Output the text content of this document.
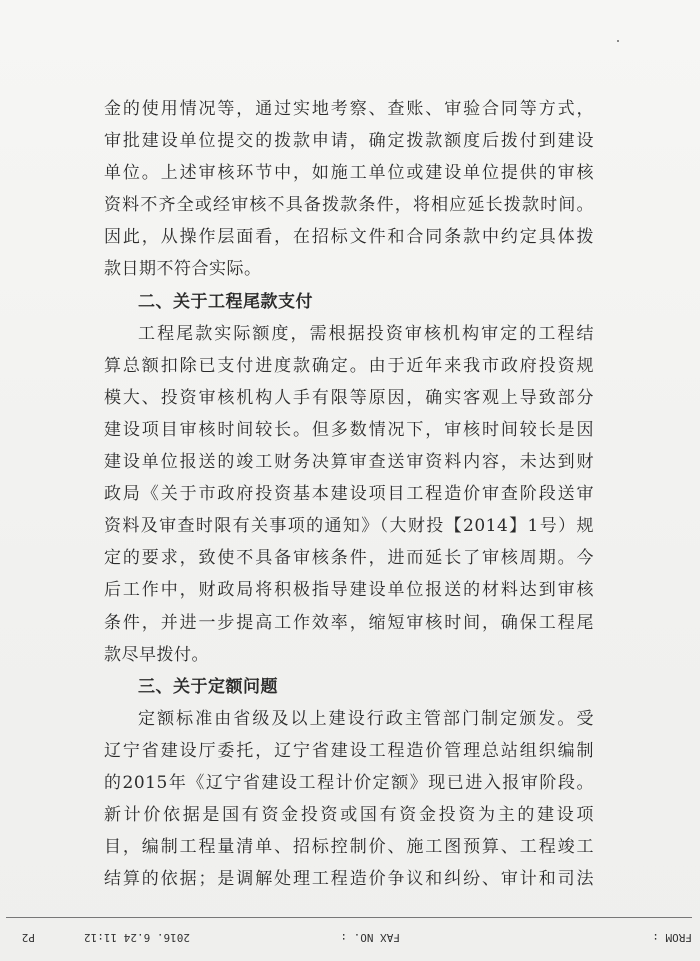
金的使用情况等，通过实地考察、查账、审验合同等方式，
审批建设单位提交的拨款申请，确定拨款额度后拨付到建设
单位。上述审核环节中，如施工单位或建设单位提供的审核
资料不齐全或经审核不具备拨款条件，将相应延长拨款时间。
因此，从操作层面看，在招标文件和合同条款中约定具体拨
款日期不符合实际。
二、关于工程尾款支付
工程尾款实际额度，需根据投资审核机构审定的工程结
算总额扣除已支付进度款确定。由于近年来我市政府投资规
模大、投资审核机构人手有限等原因，确实客观上导致部分
建设项目审核时间较长。但多数情况下，审核时间较长是因
建设单位报送的竣工财务决算审查送审资料内容，未达到财
政局《关于市政府投资基本建设项目工程造价审查阶段送审
资料及审查时限有关事项的通知》（大财投【2014】1号）规
定的要求，致使不具备审核条件，进而延长了审核周期。今
后工作中，财政局将积极指导建设单位报送的材料达到审核
条件，并进一步提高工作效率，缩短审核时间，确保工程尾
款尽早拨付。
三、关于定额问题
定额标准由省级及以上建设行政主管部门制定颁发。受
辽宁省建设厅委托，辽宁省建设工程造价管理总站组织编制
的2015年《辽宁省建设工程计价定额》现已进入报审阶段。
新计价依据是国有资金投资或国有资金投资为主的建设项
目，编制工程量清单、招标控制价、施工图预算、工程竣工
结算的依据；是调解处理工程造价争议和纠纷、审计和司法
FROM :
FAX NO. :
2016. 6.24 11:12
P2
